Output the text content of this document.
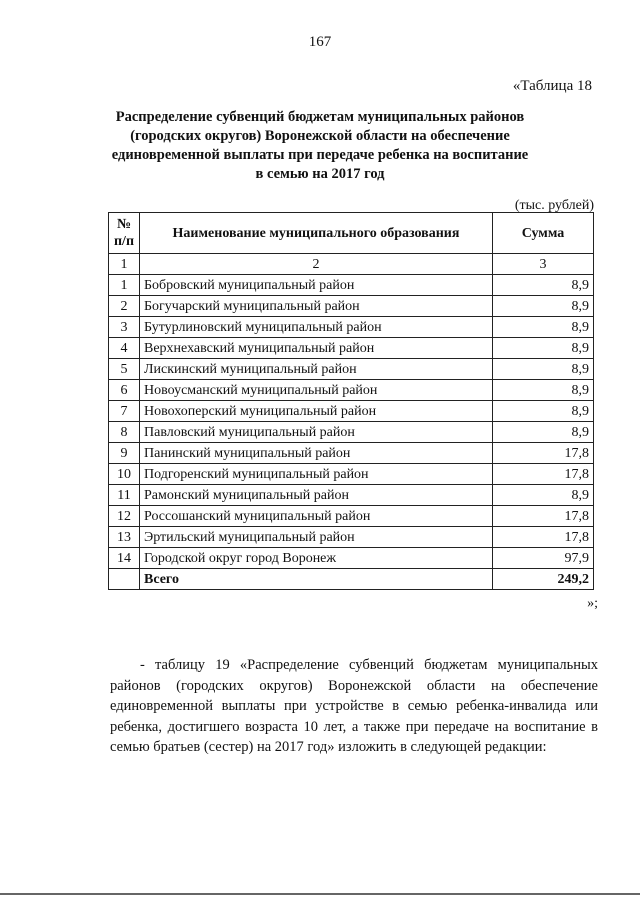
167
«Таблица 18
Распределение субвенций бюджетам муниципальных районов (городских округов) Воронежской области на обеспечение единовременной выплаты при передаче ребенка на воспитание в семью на 2017 год
(тыс. рублей)
№ п/п	Наименование муниципального образования	Сумма
1	2	3
1	Бобровский муниципальный район	8,9
2	Богучарский муниципальный район	8,9
3	Бутурлиновский муниципальный район	8,9
4	Верхнехавский муниципальный район	8,9
5	Лискинский муниципальный район	8,9
6	Новоусманский муниципальный район	8,9
7	Новохоперский муниципальный район	8,9
8	Павловский муниципальный район	8,9
9	Панинский муниципальный район	17,8
10	Подгоренский муниципальный район	17,8
11	Рамонский муниципальный район	8,9
12	Россошанский муниципальный район	17,8
13	Эртильский муниципальный район	17,8
14	Городской округ город Воронеж	97,9
	Всего	249,2
»;
- таблицу 19 «Распределение субвенций бюджетам муниципальных районов (городских округов) Воронежской области на обеспечение единовременной выплаты при устройстве в семью ребенка-инвалида или ребенка, достигшего возраста 10 лет, а также при передаче на воспитание в семью братьев (сестер) на 2017 год» изложить в следующей редакции:
